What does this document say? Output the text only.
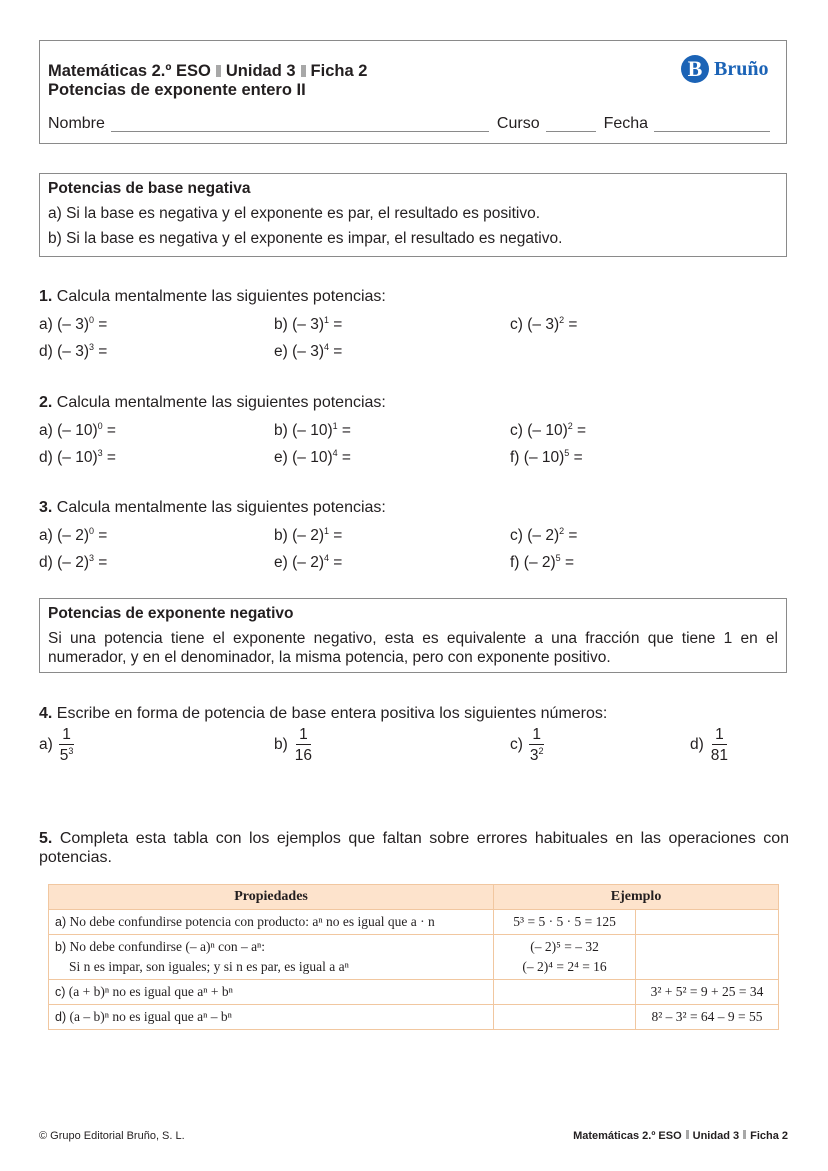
Matemáticas 2.º ESO Unidad 3 Ficha 2
Potencias de exponente entero II
B Bruño
Nombre	Curso	Fecha
Potencias de base negativa
a) Si la base es negativa y el exponente es par, el resultado es positivo.
b) Si la base es negativa y el exponente es impar, el resultado es negativo.
1. Calcula mentalmente las siguientes potencias:
a) (– 3)$^0$ =	b) (– 3)$^1$ =	c) (– 3)$^2$ =
d) (– 3)$^3$ =	e) (– 3)$^4$ =
2. Calcula mentalmente las siguientes potencias:
a) (– 10)$^0$ =	b) (– 10)$^1$ =	c) (– 10)$^2$ =
d) (– 10)$^3$ =	e) (– 10)$^4$ =	f) (– 10)$^5$ =
3. Calcula mentalmente las siguientes potencias:
a) (– 2)$^0$ =	b) (– 2)$^1$ =	c) (– 2)$^2$ =
d) (– 2)$^3$ =	e) (– 2)$^4$ =	f) (– 2)$^5$ =
Potencias de exponente negativo
Si una potencia tiene el exponente negativo, esta es equivalente a una fracción que tiene 1 en el numerador, y en el denominador, la misma potencia, pero con exponente positivo.
4. Escribe en forma de potencia de base entera positiva los siguientes números:
$a) \frac{1}{5^3}$	$b) \frac{1}{16}$	$c) \frac{1}{3^2}$	$d) \frac{1}{81}$
5. Completa esta tabla con los ejemplos que faltan sobre errores habituales en las operaciones con potencias.
Propiedades	Ejemplo	
a) No debe confundirse potencia con producto: aⁿ no es igual que a · n	5³ = 5 · 5 · 5 = 125	
b) No debe confundirse (– a)ⁿ con – aⁿ:
Si n es impar, son iguales; y si n es par, es igual a aⁿ	(– 2)⁵ = – 32
(– 2)⁴ = 2⁴ = 16	
c) (a + b)ⁿ no es igual que aⁿ + bⁿ		3² + 5² = 9 + 25 = 34
d) (a – b)ⁿ no es igual que aⁿ – bⁿ		8² – 3² = 64 – 9 = 55
© Grupo Editorial Bruño, S. L.	Matemáticas 2.º ESO Unidad 3 Ficha 2
